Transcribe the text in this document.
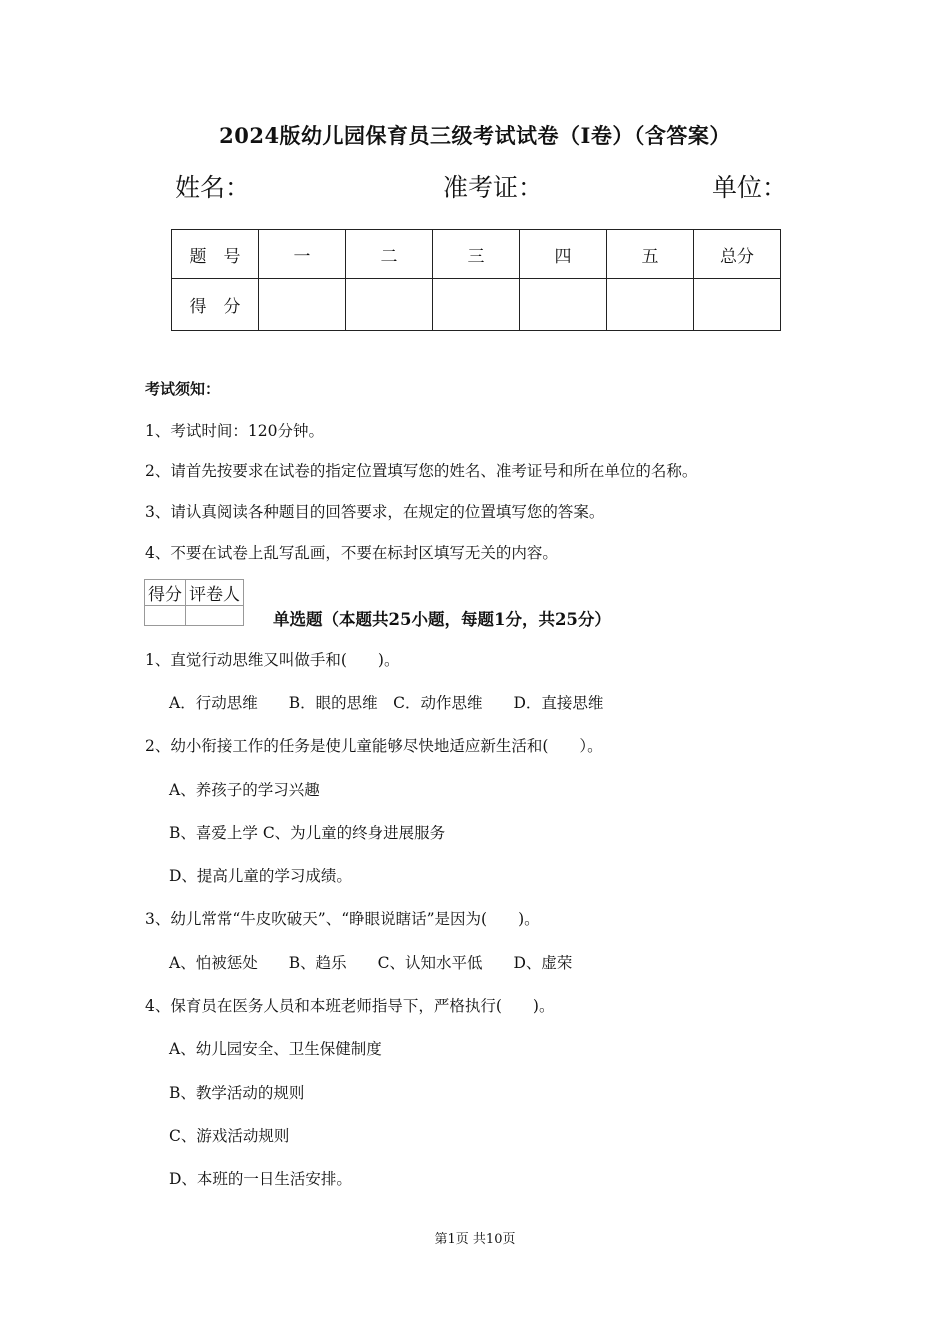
2024版幼儿园保育员三级考试试卷（I卷）（含答案）
姓名：	准考证：	单位：
题　号	一	二	三	四	五	总分
得　分						
考试须知：
1、考试时间：120分钟。
2、请首先按要求在试卷的指定位置填写您的姓名、准考证号和所在单位的名称。
3、请认真阅读各种题目的回答要求，在规定的位置填写您的答案。
4、不要在试卷上乱写乱画，不要在标封区填写无关的内容。
得分	评卷人

单选题（本题共25小题，每题1分，共25分）
1、直觉行动思维又叫做手和(　　)。
A．行动思维　　B．眼的思维　C．动作思维　　D．直接思维
2、幼小衔接工作的任务是使儿童能够尽快地适应新生活和(　　）。
A、养孩子的学习兴趣
B、喜爱上学 C、为儿童的终身进展服务
D、提高儿童的学习成绩。
3、幼儿常常“牛皮吹破天”、“睁眼说瞎话”是因为(　　)。
A、怕被惩处　　B、趋乐　　C、认知水平低　　D、虚荣
4、保育员在医务人员和本班老师指导下，严格执行(　　)。
A、幼儿园安全、卫生保健制度
B、教学活动的规则
C、游戏活动规则
D、本班的一日生活安排。
第1页 共10页
